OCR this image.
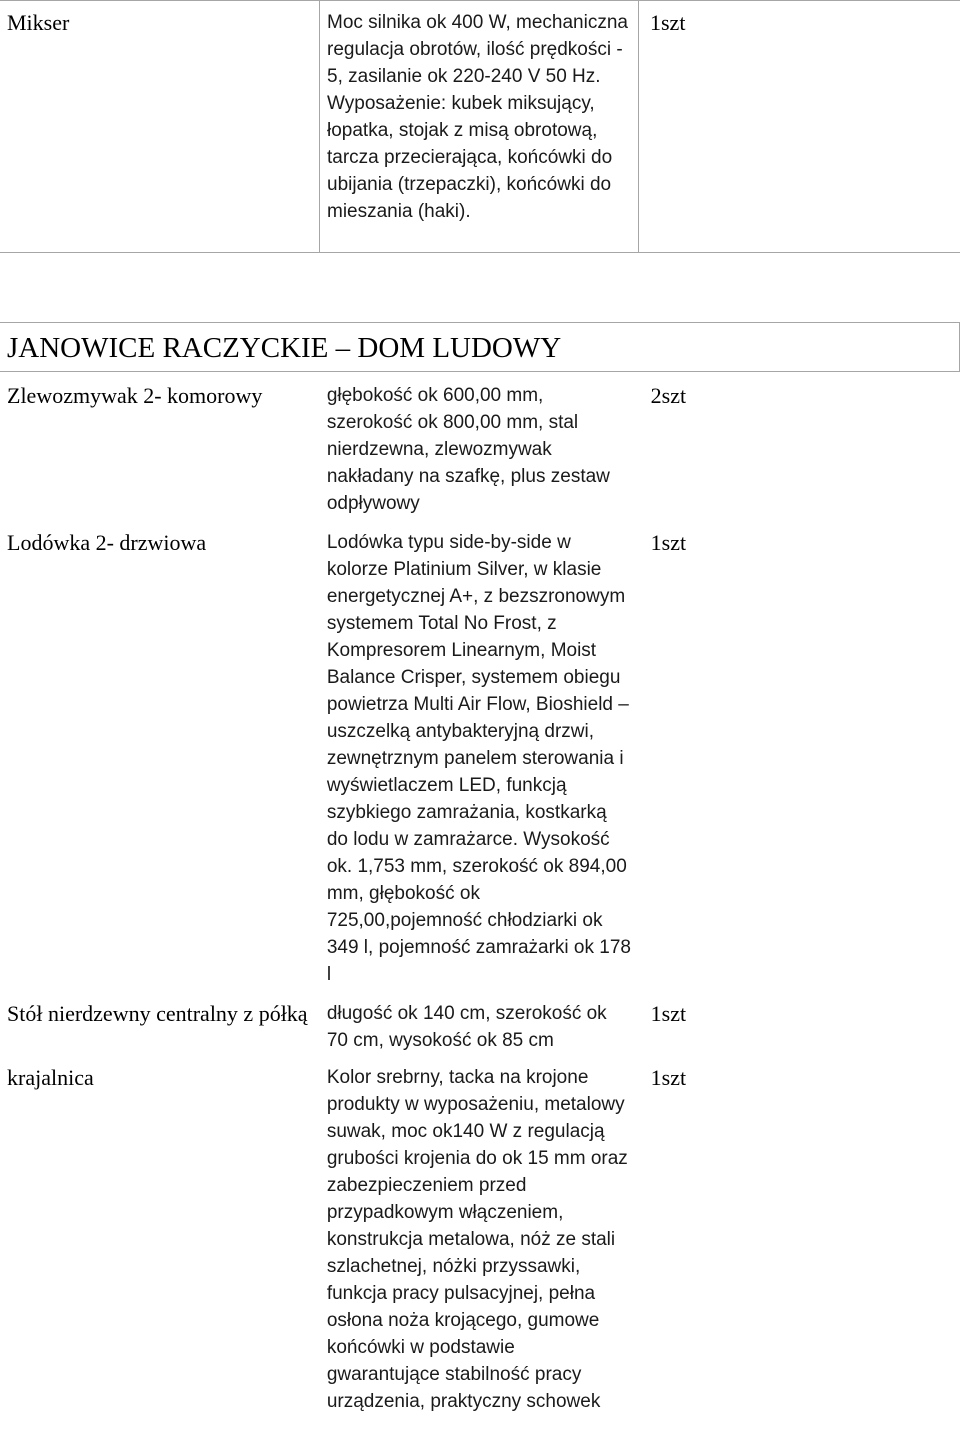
Mikser	Moc silnika ok 400 W, mechaniczna regulacja obrotów, ilość prędkości - 5, zasilanie ok 220-240 V 50 Hz. Wyposażenie: kubek miksujący, łopatka, stojak z misą obrotową, tarcza przecierająca, końcówki do ubijania (trzepaczki), końcówki do mieszania (haki).	1szt
JANOWICE RACZYCKIE – DOM LUDOWY		
Zlewozmywak 2- komorowy	głębokość ok 600,00 mm, szerokość ok 800,00 mm, stal nierdzewna, zlewozmywak nakładany na szafkę, plus zestaw odpływowy	2szt
Lodówka 2- drzwiowa	Lodówka typu side-by-side w kolorze Platinium Silver, w klasie energetycznej A+, z bezszronowym systemem Total No Frost, z Kompresorem Linearnym, Moist Balance Crisper, systemem obiegu powietrza Multi Air Flow, Bioshield – uszczelką antybakteryjną drzwi, zewnętrznym panelem sterowania i wyświetlaczem LED, funkcją szybkiego zamrażania, kostkarką do lodu w zamrażarce. Wysokość ok. 1,753 mm, szerokość ok 894,00 mm, głębokość ok 725,00,pojemność chłodziarki ok 349 l, pojemność zamrażarki ok 178 l	1szt
Stół nierdzewny centralny z półką	długość ok 140 cm, szerokość ok 70 cm, wysokość ok 85 cm	1szt
krajalnica	Kolor srebrny, tacka na krojone produkty w wyposażeniu, metalowy suwak, moc ok140 W z regulacją grubości krojenia do ok 15 mm oraz zabezpieczeniem przed przypadkowym włączeniem, konstrukcja metalowa, nóż ze stali szlachetnej, nóżki przyssawki, funkcja pracy pulsacyjnej, pełna osłona noża krojącego, gumowe końcówki w podstawie gwarantujące stabilność pracy urządzenia, praktyczny schowek	1szt
